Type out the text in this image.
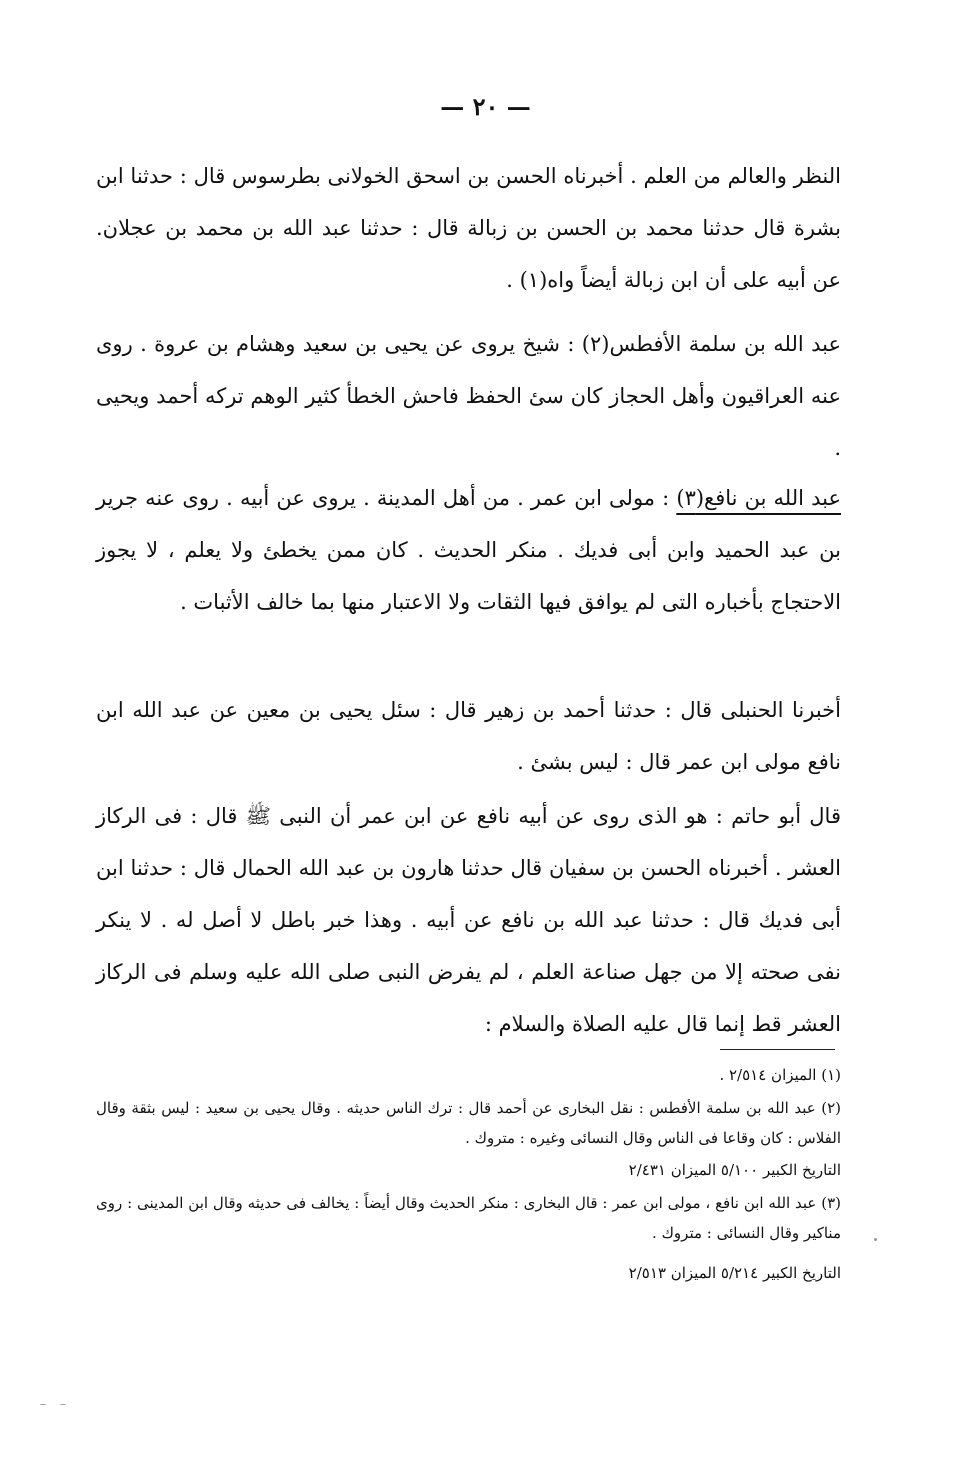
— ٢٠ —

النظر والعالم من العلم . أخبرناه الحسن بن اسحق الخولانى بطرسوس قال : حدثنا ابن بشرة قال حدثنا محمد بن الحسن بن زبالة قال : حدثنا عبد الله بن محمد بن عجلان. عن أبيه على أن ابن زبالة أيضاً واه(١) .

عبد الله بن سلمة الأفطس(٢) : شيخ يروى عن يحيى بن سعيد وهشام بن عروة . روى عنه العراقيون وأهل الحجاز كان سئ الحفظ فاحش الخطأ كثير الوهم تركه أحمد ويحيى .

عبد الله بن نافع(٣) : مولى ابن عمر . من أهل المدينة . يروى عن أبيه . روى عنه جرير بن عبد الحميد وابن أبى فديك . منكر الحديث . كان ممن يخطئ ولا يعلم ، لا يجوز الاحتجاج بأخباره التى لم يوافق فيها الثقات ولا الاعتبار منها بما خالف الأثبات .

أخبرنا الحنبلى قال : حدثنا أحمد بن زهير قال : سئل يحيى بن معين عن عبد الله ابن نافع مولى ابن عمر قال : ليس بشئ .

قال أبو حاتم : هو الذى روى عن أبيه نافع عن ابن عمر أن النبى ﷺ قال : فى الركاز العشر . أخبرناه الحسن بن سفيان قال حدثنا هارون بن عبد الله الحمال قال : حدثنا ابن أبى فديك قال : حدثنا عبد الله بن نافع عن أبيه . وهذا خبر باطل لا أصل له . لا ينكر نفى صحته إلا من جهل صناعة العلم ، لم يفرض النبى صلى الله عليه وسلم فى الركاز العشر قط إنما قال عليه الصلاة والسلام :

(١) الميزان ٢/٥١٤ .
(٢) عبد الله بن سلمة الأفطس : نقل البخارى عن أحمد قال : ترك الناس حديثه . وقال يحيى بن سعيد : ليس بثقة وقال الفلاس : كان وقاعا فى الناس وقال النسائى وغيره : متروك .
التاريخ الكبير ٥/١٠٠ الميزان ٢/٤٣١
(٣) عبد الله ابن نافع ، مولى ابن عمر : قال البخارى : منكر الحديث وقال أيضاً : يخالف فى حديثه وقال ابن المدينى : روى مناكير وقال النسائى : متروك .
التاريخ الكبير ٥/٢١٤ الميزان ٢/٥١٣
